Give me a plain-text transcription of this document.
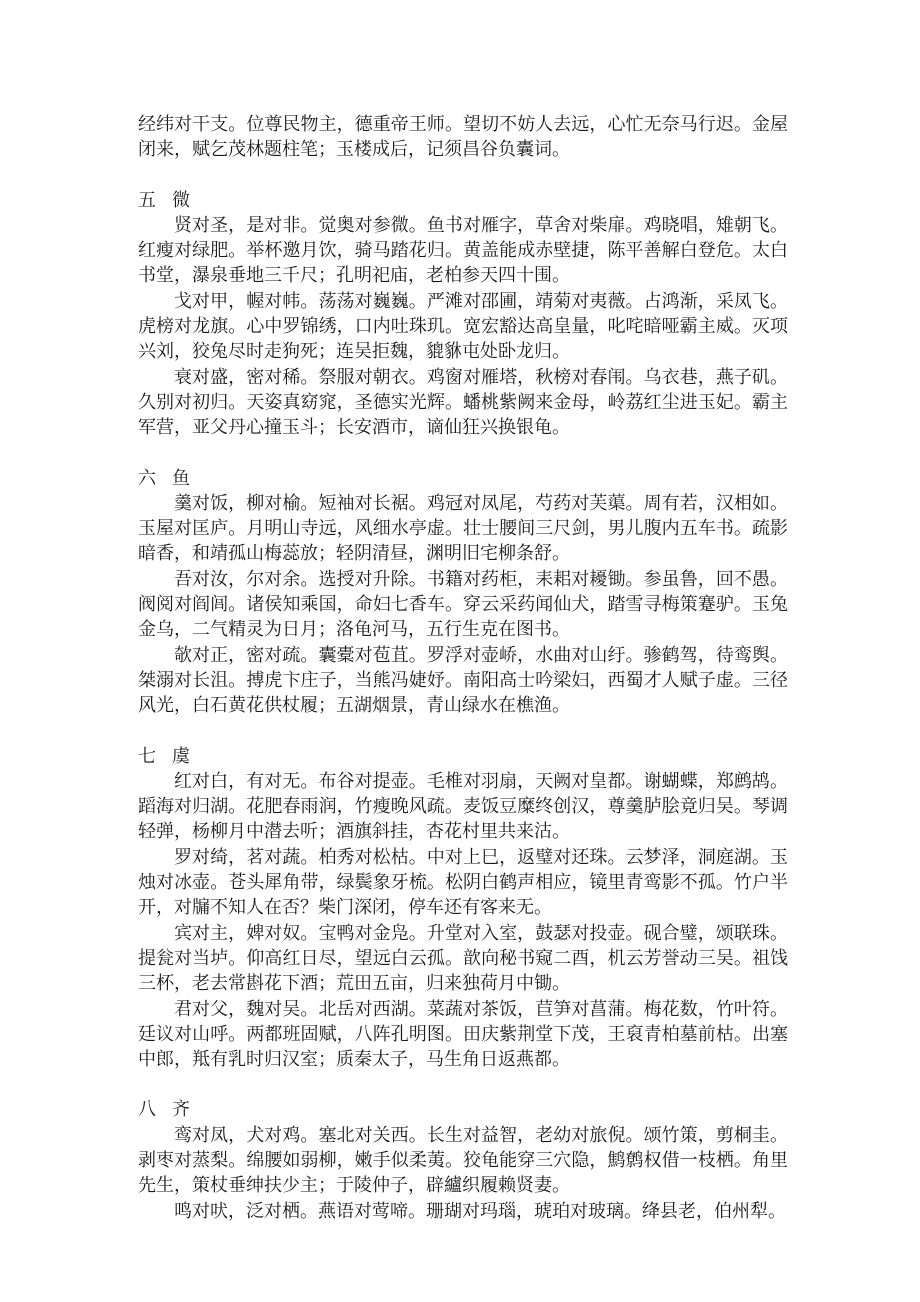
经纬对干支。位尊民物主，德重帝王师。望切不妨人去远，心忙无奈马行迟。金屋闭来，赋乞茂林题柱笔；玉楼成后，记须昌谷负囊词。

五 微

贤对圣，是对非。觉奥对参微。鱼书对雁字，草舍对柴扉。鸡晓唱，雉朝飞。红瘦对绿肥。举杯邀月饮，骑马踏花归。黄盖能成赤壁捷，陈平善解白登危。太白书堂，瀑泉垂地三千尺；孔明祀庙，老柏参天四十围。

戈对甲，幄对帏。荡荡对巍巍。严滩对邵圃，靖菊对夷薇。占鸿渐，采凤飞。虎榜对龙旗。心中罗锦绣，口内吐珠玑。宽宏豁达高皇量，叱咤暗哑霸主威。灭项兴刘，狡兔尽时走狗死；连吴拒魏，貔貅屯处卧龙归。

衰对盛，密对稀。祭服对朝衣。鸡窗对雁塔，秋榜对春闱。乌衣巷，燕子矶。久别对初归。天姿真窈窕，圣德实光辉。蟠桃紫阙来金母，岭荔红尘进玉妃。霸主军营，亚父丹心撞玉斗；长安酒市，谪仙狂兴换银龟。

六 鱼

羹对饭，柳对榆。短袖对长裾。鸡冠对凤尾，芍药对芙蕖。周有若，汉相如。玉屋对匡庐。月明山寺远，风细水亭虚。壮士腰间三尺剑，男儿腹内五车书。疏影暗香，和靖孤山梅蕊放；轻阴清昼，渊明旧宅柳条舒。

吾对汝，尔对余。选授对升除。书籍对药柜，耒耜对耰锄。参虽鲁，回不愚。阀阅对阎闾。诸侯知乘国，命妇七香车。穿云采药闻仙犬，踏雪寻梅策蹇驴。玉兔金乌，二气精灵为日月；洛龟河马，五行生克在图书。

欹对正，密对疏。囊橐对苞苴。罗浮对壶峤，水曲对山纡。骖鹤驾，待鸾舆。桀溺对长沮。搏虎卞庄子，当熊冯婕妤。南阳高士吟梁妇，西蜀才人赋子虚。三径风光，白石黄花供杖履；五湖烟景，青山绿水在樵渔。

七 虞

红对白，有对无。布谷对提壶。毛椎对羽扇，天阙对皇都。谢蝴蝶，郑鹧鸪。蹈海对归湖。花肥春雨润，竹瘦晚风疏。麦饭豆糜终创汉，尊羹胪脍竟归吴。琴调轻弹，杨柳月中潜去听；酒旗斜挂，杏花村里共来沽。

罗对绮，茗对蔬。柏秀对松枯。中对上巳，返璧对还珠。云梦泽，洞庭湖。玉烛对冰壶。苍头犀角带，绿鬓象牙梳。松阴白鹤声相应，镜里青鸾影不孤。竹户半开，对牖不知人在否？柴门深闭，停车还有客来无。

宾对主，婢对奴。宝鸭对金凫。升堂对入室，鼓瑟对投壶。砚合璧，颂联珠。提瓮对当垆。仰高红日尽，望远白云孤。歆向秘书窥二酉，机云芳誉动三吴。祖饯三杯，老去常斟花下酒；荒田五亩，归来独荷月中锄。

君对父，魏对吴。北岳对西湖。菜蔬对茶饭，苣笋对菖蒲。梅花数，竹叶符。廷议对山呼。两都班固赋，八阵孔明图。田庆紫荆堂下茂，王裒青柏墓前枯。出塞中郎，羝有乳时归汉室；质秦太子，马生角日返燕都。

八 齐

鸾对凤，犬对鸡。塞北对关西。长生对益智，老幼对旅倪。颂竹策，剪桐圭。剥枣对蒸梨。绵腰如弱柳，嫩手似柔荑。狡龟能穿三穴隐，鹪鹩权借一枝栖。角里先生，策杖垂绅扶少主；于陵仲子，辟纑织履赖贤妻。

鸣对吠，泛对栖。燕语对莺啼。珊瑚对玛瑙，琥珀对玻璃。绛县老，伯州犁。
